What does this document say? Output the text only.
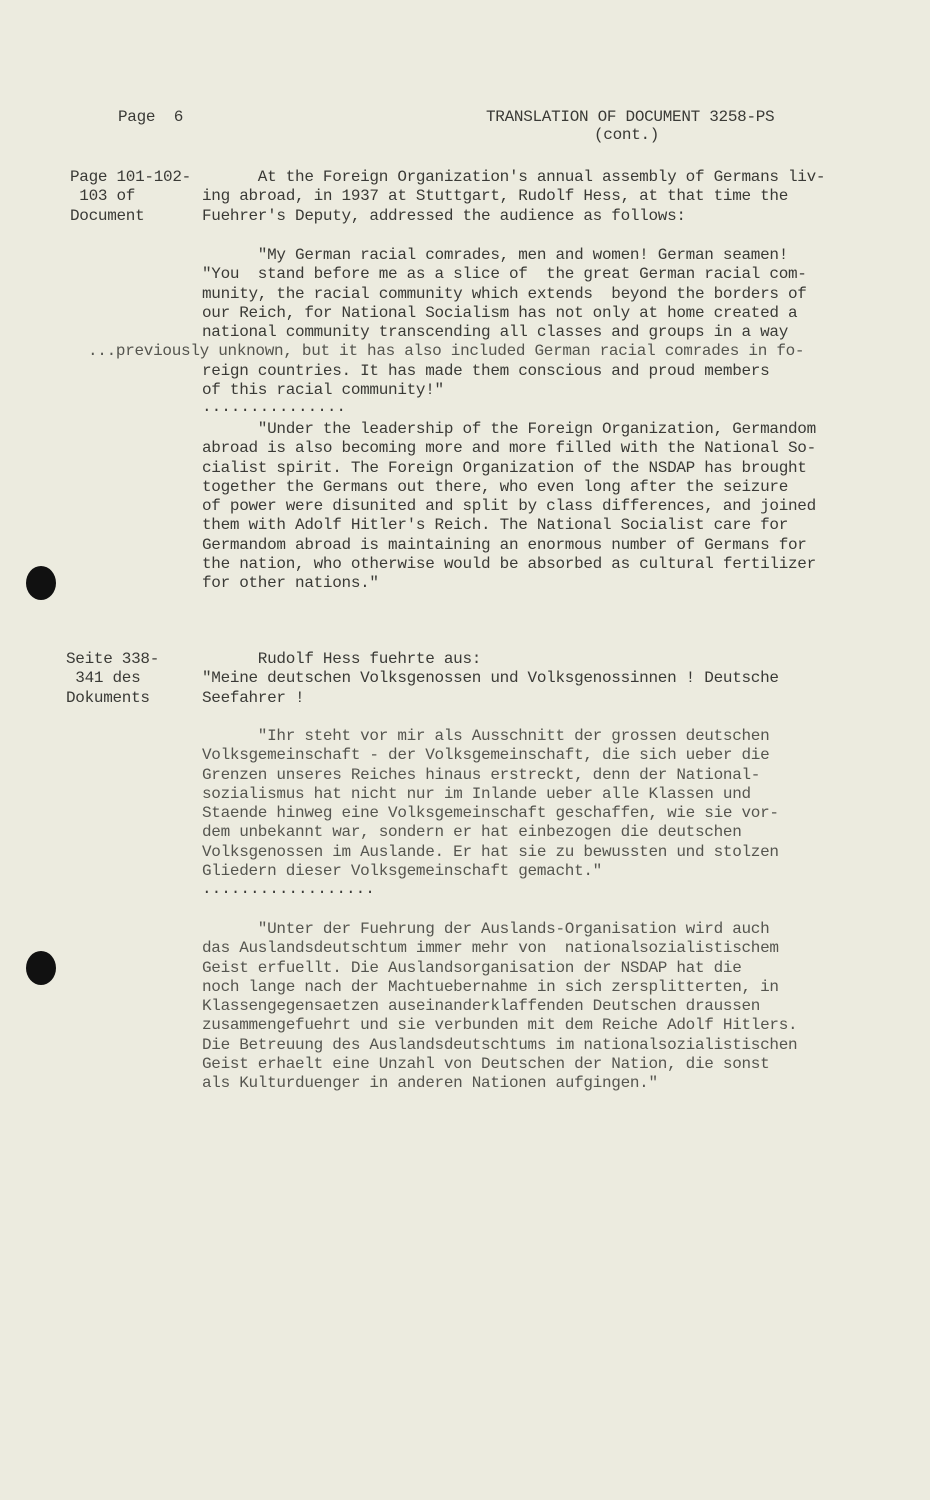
Page  6	TRANSLATION OF DOCUMENT 3258-PS
(cont.)
Page 101-102-
103 of
Document
At the Foreign Organization's annual assembly of Germans liv-
ing abroad, in 1937 at Stuttgart, Rudolf Hess, at that time the
Fuehrer's Deputy, addressed the audience as follows:
"My German racial comrades, men and women! German seamen!
"You  stand before me as a slice of  the great German racial com-
munity, the racial community which extends  beyond the borders of
our Reich, for National Socialism has not only at home created a
national community transcending all classes and groups in a way
...previously unknown, but it has also included German racial comrades in fo-
reign countries. It has made them conscious and proud members
of this racial community!"
...............
"Under the leadership of the Foreign Organization, Germandom
abroad is also becoming more and more filled with the National So-
cialist spirit. The Foreign Organization of the NSDAP has brought
together the Germans out there, who even long after the seizure
of power were disunited and split by class differences, and joined
them with Adolf Hitler's Reich. The National Socialist care for
Germandom abroad is maintaining an enormous number of Germans for
the nation, who otherwise would be absorbed as cultural fertilizer
for other nations."
Seite 338-
341 des
Dokuments
Rudolf Hess fuehrte aus:
"Meine deutschen Volksgenossen und Volksgenossinnen ! Deutsche
Seefahrer !
"Ihr steht vor mir als Ausschnitt der grossen deutschen
Volksgemeinschaft - der Volksgemeinschaft, die sich ueber die
Grenzen unseres Reiches hinaus erstreckt, denn der National-
sozialismus hat nicht nur im Inlande ueber alle Klassen und
Staende hinweg eine Volksgemeinschaft geschaffen, wie sie vor-
dem unbekannt war, sondern er hat einbezogen die deutschen
Volksgenossen im Auslande. Er hat sie zu bewussten und stolzen
Gliedern dieser Volksgemeinschaft gemacht."
..................
"Unter der Fuehrung der Auslands-Organisation wird auch
das Auslandsdeutschtum immer mehr von  nationalsozialistischem
Geist erfuellt. Die Auslandsorganisation der NSDAP hat die
noch lange nach der Machtuebernahme in sich zersplitterten, in
Klassengegensaetzen auseinanderklaffenden Deutschen draussen
zusammengefuehrt und sie verbunden mit dem Reiche Adolf Hitlers.
Die Betreuung des Auslandsdeutschtums im nationalsozialistischen
Geist erhaelt eine Unzahl von Deutschen der Nation, die sonst
als Kulturduenger in anderen Nationen aufgingen."
